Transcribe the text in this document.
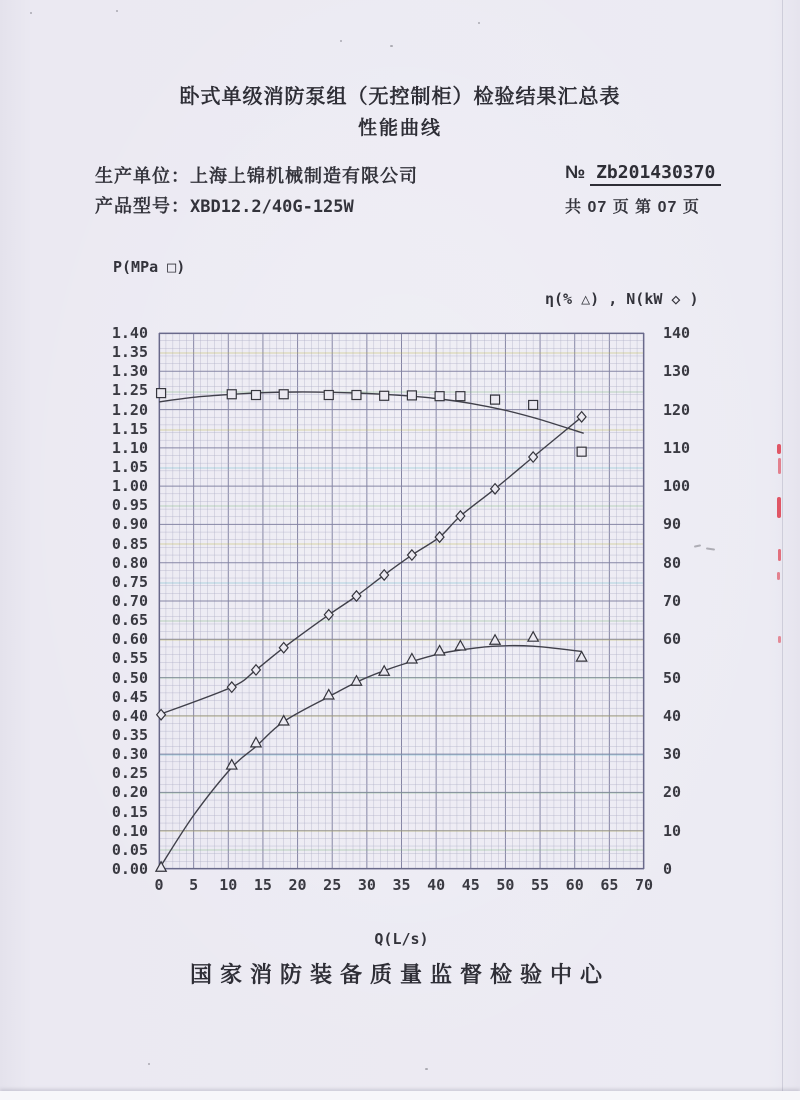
卧式单级消防泵组（无控制柜）检验结果汇总表
性能曲线
生产单位：上海上锦机械制造有限公司
产品型号：XBD12.2/40G-125W
№ Zb201430370
共 07 页 第 07 页
P(MPa □)
η(% △) , N(kW ◇ )
1.40
1.35
1.30
1.25
1.20
1.15
1.10
1.05
1.00
0.95
0.90
0.85
0.80
0.75
0.70
0.65
0.60
0.55
0.50
0.45
0.40
0.35
0.30
0.25
0.20
0.15
0.10
0.05
0.00
140
130
120
110
100
90
80
70
60
50
40
30
20
10
0
0 5 10 15 20 25 30 35 40 45 50 55 60 65 70
Q(L/s)
国家消防装备质量监督检验中心
